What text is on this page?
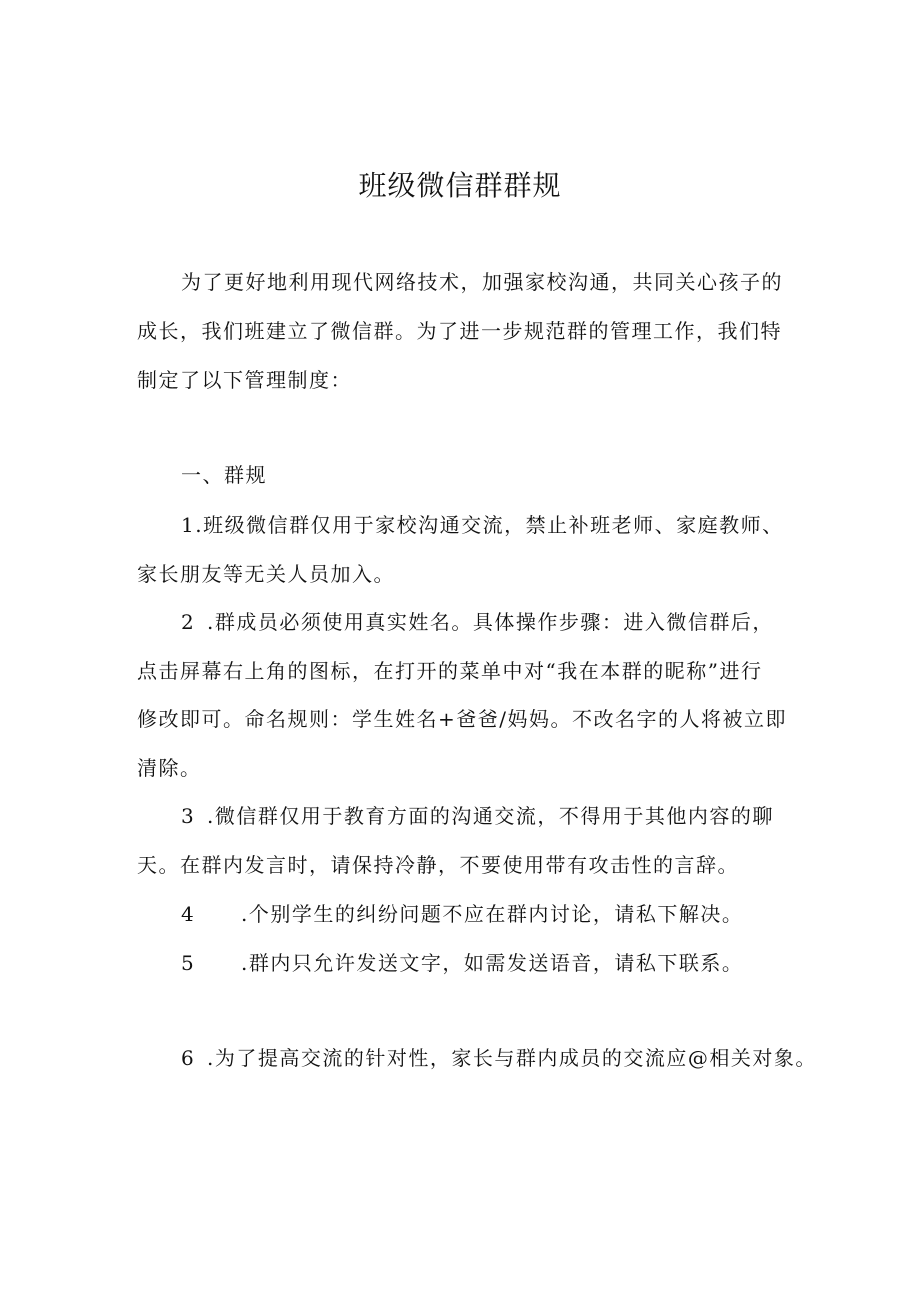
班级微信群群规

为了更好地利用现代网络技术，加强家校沟通，共同关心孩子的

成长，我们班建立了微信群。为了进一步规范群的管理工作，我们特

制定了以下管理制度：

一、群规

1.班级微信群仅用于家校沟通交流，禁止补班老师、家庭教师、

家长朋友等无关人员加入。

2 .群成员必须使用真实姓名。具体操作步骤：进入微信群后，

点击屏幕右上角的图标，在打开的菜单中对“我在本群的昵称”进行

修改即可。命名规则：学生姓名+爸爸/妈妈。不改名字的人将被立即

清除。

3 .微信群仅用于教育方面的沟通交流，不得用于其他内容的聊

天。在群内发言时，请保持冷静，不要使用带有攻击性的言辞。

4 .个别学生的纠纷问题不应在群内讨论，请私下解决。

5 .群内只允许发送文字，如需发送语音，请私下联系。

6 .为了提高交流的针对性，家长与群内成员的交流应@相关对象。
